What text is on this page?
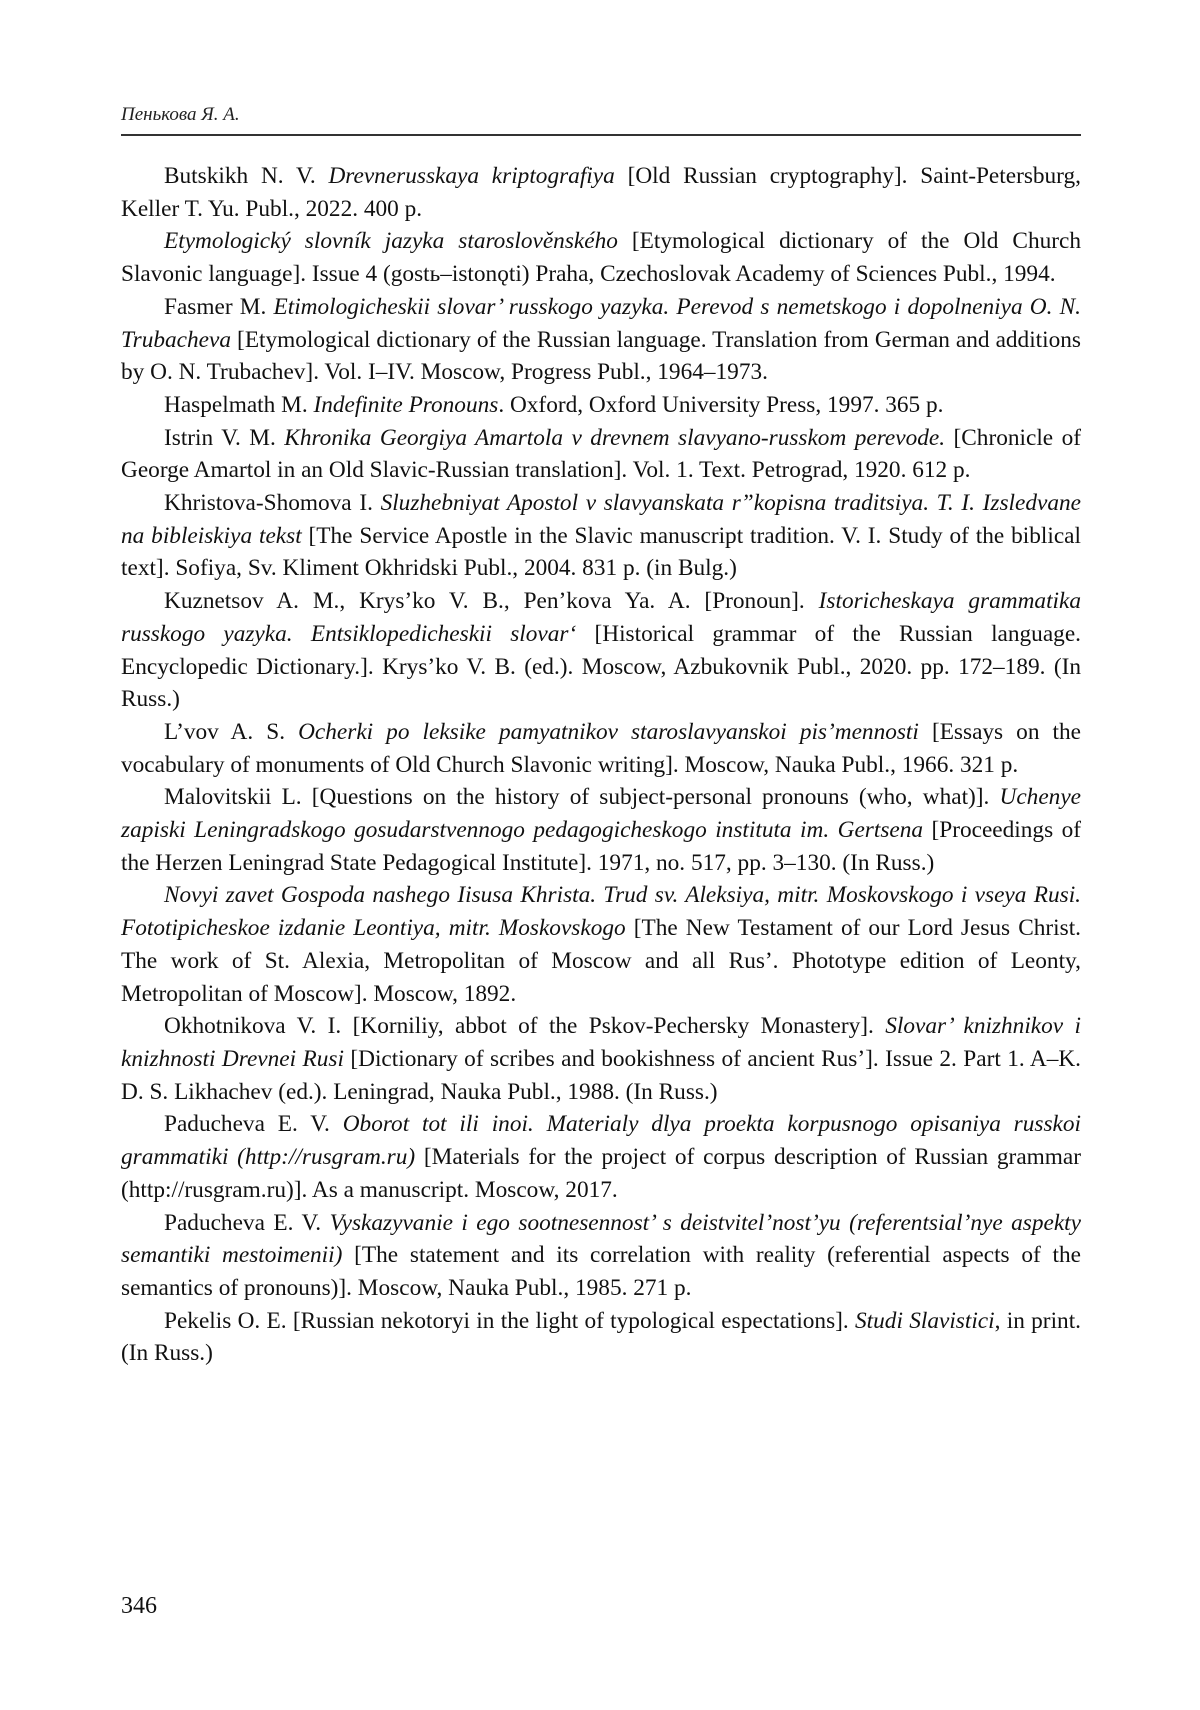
Пенькова Я. А.

Butskikh N. V. Drevnerusskaya kriptografiya [Old Russian cryptography]. Saint-Petersburg, Keller T. Yu. Publ., 2022. 400 p.

Etymologický slovník jazyka staroslověnského [Etymological dictionary of the Old Church Slavonic language]. Issue 4 (gostь–istonǫti) Praha, Czechoslovak Academy of Sciences Publ., 1994.

Fasmer M. Etimologicheskii slovar’ russkogo yazyka. Perevod s nemetskogo i dopolneniya O. N. Trubacheva [Etymological dictionary of the Russian language. Translation from German and additions by O. N. Trubachev]. Vol. I–IV. Moscow, Progress Publ., 1964–1973.

Haspelmath M. Indefinite Pronouns. Oxford, Oxford University Press, 1997. 365 p.

Istrin V. M. Khronika Georgiya Amartola v drevnem slavyano-russkom perevode. [Chronicle of George Amartol in an Old Slavic-Russian translation]. Vol. 1. Text. Petrograd, 1920. 612 p.

Khristova-Shomova I. Sluzhebniyat Apostol v slavyanskata r”kopisna traditsiya. T. I. Izsledvane na bibleiskiya tekst [The Service Apostle in the Slavic manuscript tradition. V. I. Study of the biblical text]. Sofiya, Sv. Kliment Okhridski Publ., 2004. 831 p. (in Bulg.)

Kuznetsov A. M., Krys’ko V. B., Pen’kova Ya. A. [Pronoun]. Istoricheskaya grammatika russkogo yazyka. Entsiklopedicheskii slovar‘ [Historical grammar of the Russian language. Encyclopedic Dictionary.]. Krys’ko V. B. (ed.). Moscow, Azbukovnik Publ., 2020. pp. 172–189. (In Russ.)

L’vov A. S. Ocherki po leksike pamyatnikov staroslavyanskoi pis’mennosti [Essays on the vocabulary of monuments of Old Church Slavonic writing]. Moscow, Nauka Publ., 1966. 321 p.

Malovitskii L. [Questions on the history of subject-personal pronouns (who, what)]. Uchenye zapiski Leningradskogo gosudarstvennogo pedagogicheskogo instituta im. Gertsena [Proceedings of the Herzen Leningrad State Pedagogical Institute]. 1971, no. 517, pp. 3–130. (In Russ.)

Novyi zavet Gospoda nashego Iisusa Khrista. Trud sv. Aleksiya, mitr. Moskovskogo i vseya Rusi. Fototipicheskoe izdanie Leontiya, mitr. Moskovskogo [The New Testament of our Lord Jesus Christ. The work of St. Alexia, Metropolitan of Moscow and all Rus’. Phototype edition of Leonty, Metropolitan of Moscow]. Moscow, 1892.

Okhotnikova V. I. [Korniliy, abbot of the Pskov-Pechersky Monastery]. Slovar’ knizhnikov i knizhnosti Drevnei Rusi [Dictionary of scribes and bookishness of ancient Rus’]. Issue 2. Part 1. A–K. D. S. Likhachev (ed.). Leningrad, Nauka Publ., 1988. (In Russ.)

Paducheva E. V. Oborot tot ili inoi. Materialy dlya proekta korpusnogo opisaniya russkoi grammatiki (http://rusgram.ru) [Materials for the project of corpus description of Russian grammar (http://rusgram.ru)]. As a manuscript. Moscow, 2017.

Paducheva E. V. Vyskazyvanie i ego sootnesennost’ s deistvitel’nost’yu (referentsial’nye aspekty semantiki mestoimenii) [The statement and its correlation with reality (referential aspects of the semantics of pronouns)]. Moscow, Nauka Publ., 1985. 271 p.

Pekelis O. E. [Russian nekotoryi in the light of typological espectations]. Studi Slavistici, in print. (In Russ.)

346
